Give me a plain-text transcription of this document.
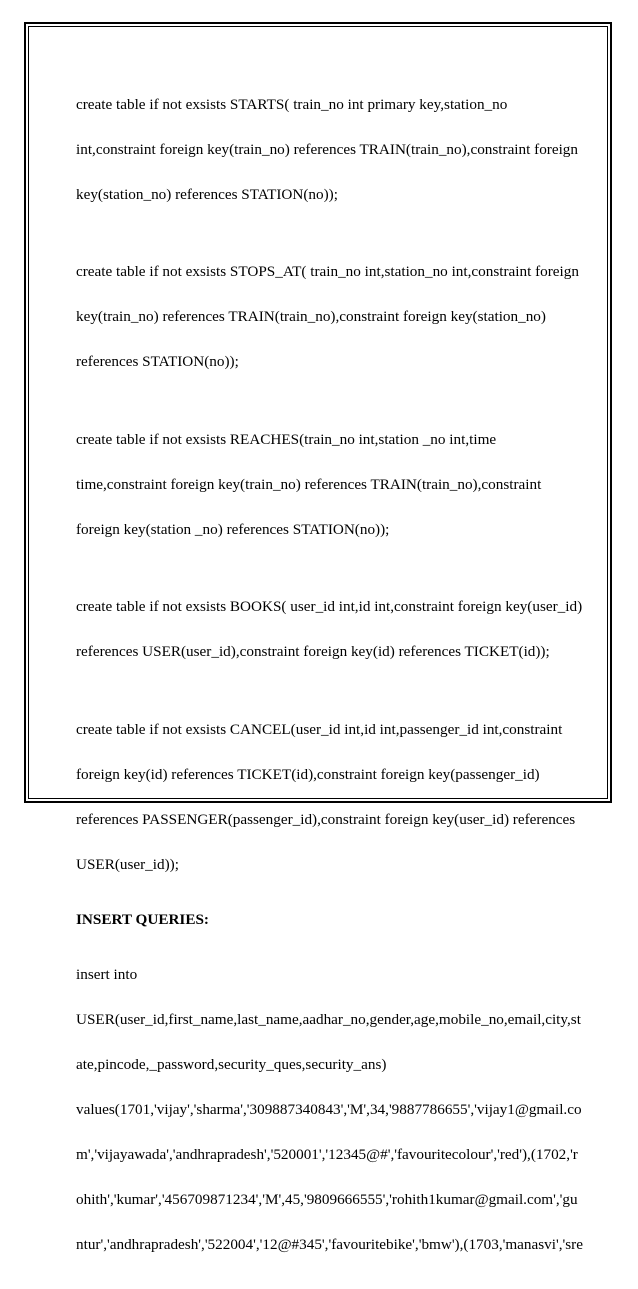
create table if not exsists STARTS( train_no int primary key,station_no

int,constraint foreign key(train_no) references TRAIN(train_no),constraint foreign

key(station_no) references STATION(no));

create table if not exsists STOPS_AT( train_no int,station_no int,constraint foreign

key(train_no) references TRAIN(train_no),constraint foreign key(station_no)

references STATION(no));

create table if not exsists REACHES(train_no int,station _no int,time

time,constraint foreign key(train_no) references TRAIN(train_no),constraint

foreign key(station _no) references STATION(no));

create table if not exsists BOOKS( user_id int,id int,constraint foreign key(user_id)

references USER(user_id),constraint foreign key(id) references TICKET(id));

create table if not exsists CANCEL(user_id int,id int,passenger_id int,constraint

foreign key(id) references TICKET(id),constraint foreign key(passenger_id)

references PASSENGER(passenger_id),constraint foreign key(user_id) references

USER(user_id));

INSERT QUERIES:

insert into

USER(user_id,first_name,last_name,aadhar_no,gender,age,mobile_no,email,city,st

ate,pincode,_password,security_ques,security_ans)

values(1701,'vijay','sharma','309887340843','M',34,'9887786655','vijay1@gmail.co

m','vijayawada','andhrapradesh','520001','12345@#','favouritecolour','red'),(1702,'r

ohith','kumar','456709871234','M',45,'9809666555','rohith1kumar@gmail.com','gu

ntur','andhrapradesh','522004','12@#345','favouritebike','bmw'),(1703,'manasvi','sre
